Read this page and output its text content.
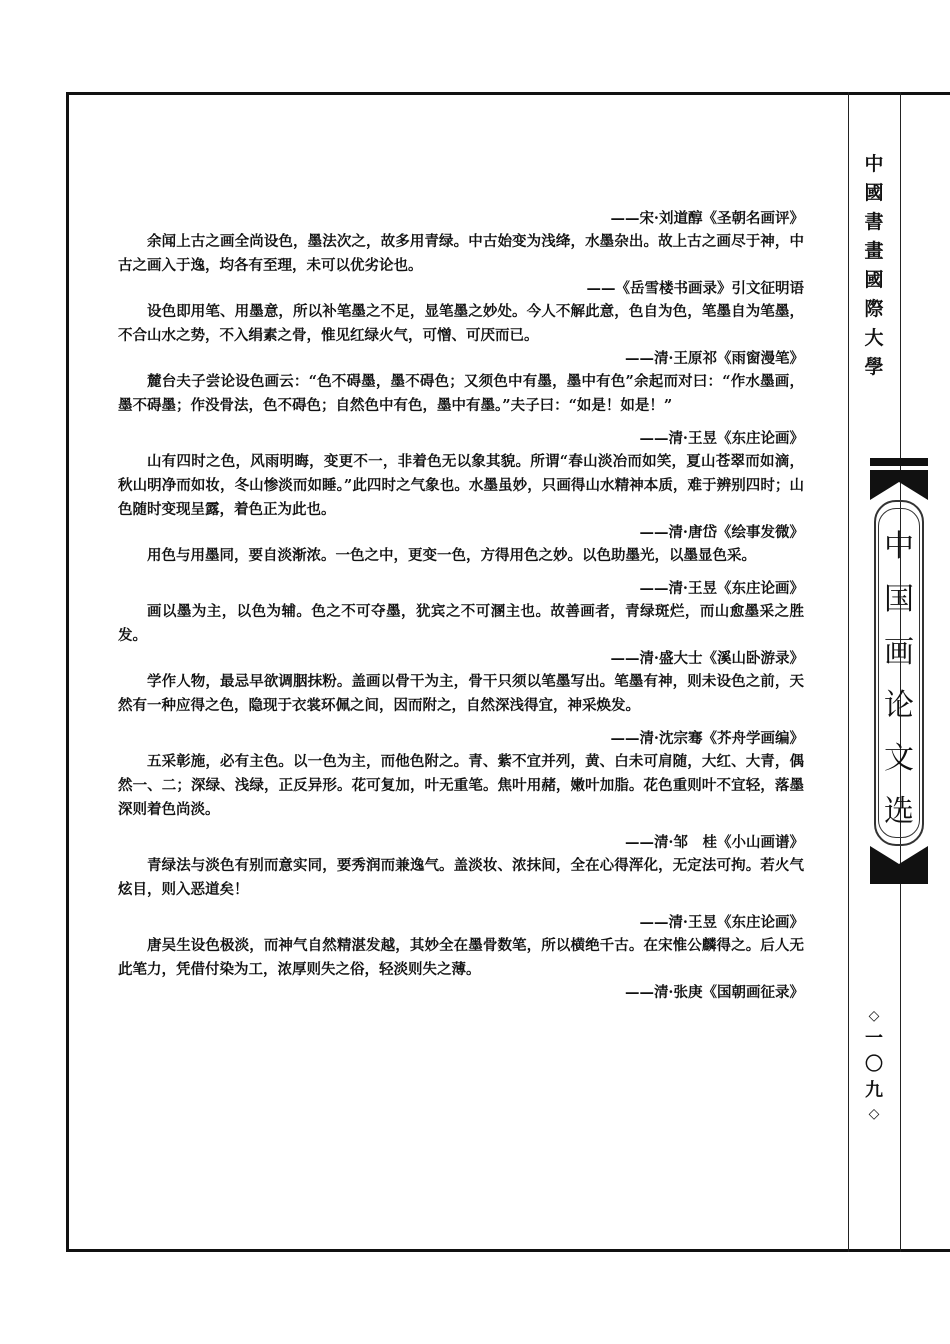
——宋·刘道醇《圣朝名画评》

余闻上古之画全尚设色，墨法次之，故多用青绿。中古始变为浅绛，水墨杂出。故上古之画尽于神，中古之画入于逸，均各有至理，未可以优劣论也。

——《岳雪楼书画录》引文征明语

设色即用笔、用墨意，所以补笔墨之不足，显笔墨之妙处。今人不解此意，色自为色，笔墨自为笔墨，不合山水之势，不入绢素之骨，惟见红绿火气，可憎、可厌而已。

——清·王原祁《雨窗漫笔》

麓台夫子尝论设色画云：“色不碍墨，墨不碍色；又须色中有墨，墨中有色”余起而对曰：“作水墨画，墨不碍墨；作没骨法，色不碍色；自然色中有色，墨中有墨。”夫子曰：“如是！如是！”

——清·王昱《东庄论画》

山有四时之色，风雨明晦，变更不一，非着色无以象其貌。所谓“春山淡冶而如笑，夏山苍翠而如滴，秋山明净而如妆，冬山惨淡而如睡。”此四时之气象也。水墨虽妙，只画得山水精神本质，难于辨别四时；山色随时变现呈露，着色正为此也。

——清·唐岱《绘事发微》

用色与用墨同，要自淡渐浓。一色之中，更变一色，方得用色之妙。以色助墨光，以墨显色采。

——清·王昱《东庄论画》

画以墨为主，以色为辅。色之不可夺墨，犹宾之不可溷主也。故善画者，青绿斑烂，而山愈墨采之胜发。

——清·盛大士《溪山卧游录》

学作人物，最忌早欲调胭抹粉。盖画以骨干为主，骨干只须以笔墨写出。笔墨有神，则未设色之前，天然有一种应得之色，隐现于衣裳环佩之间，因而附之，自然深浅得宜，神采焕发。

——清·沈宗骞《芥舟学画编》

五采彰施，必有主色。以一色为主，而他色附之。青、紫不宜并列，黄、白未可肩随，大红、大青，偶然一、二；深绿、浅绿，正反异形。花可复加，叶无重笔。焦叶用赭，嫩叶加脂。花色重则叶不宜轻，落墨深则着色尚淡。

——清·邹　桂《小山画谱》

青绿法与淡色有别而意实同，要秀润而兼逸气。盖淡妆、浓抹间，全在心得浑化，无定法可拘。若火气炫目，则入恶道矣！

——清·王昱《东庄论画》

唐吴生设色极淡，而神气自然精湛发越，其妙全在墨骨数笔，所以横绝千古。在宋惟公麟得之。后人无此笔力，凭借付染为工，浓厚则失之俗，轻淡则失之薄。

——清·张庚《国朝画征录》

中
國
書
畫
國
際
大
學
中
国
画
论
文
选
◇
一
〇
九
◇
